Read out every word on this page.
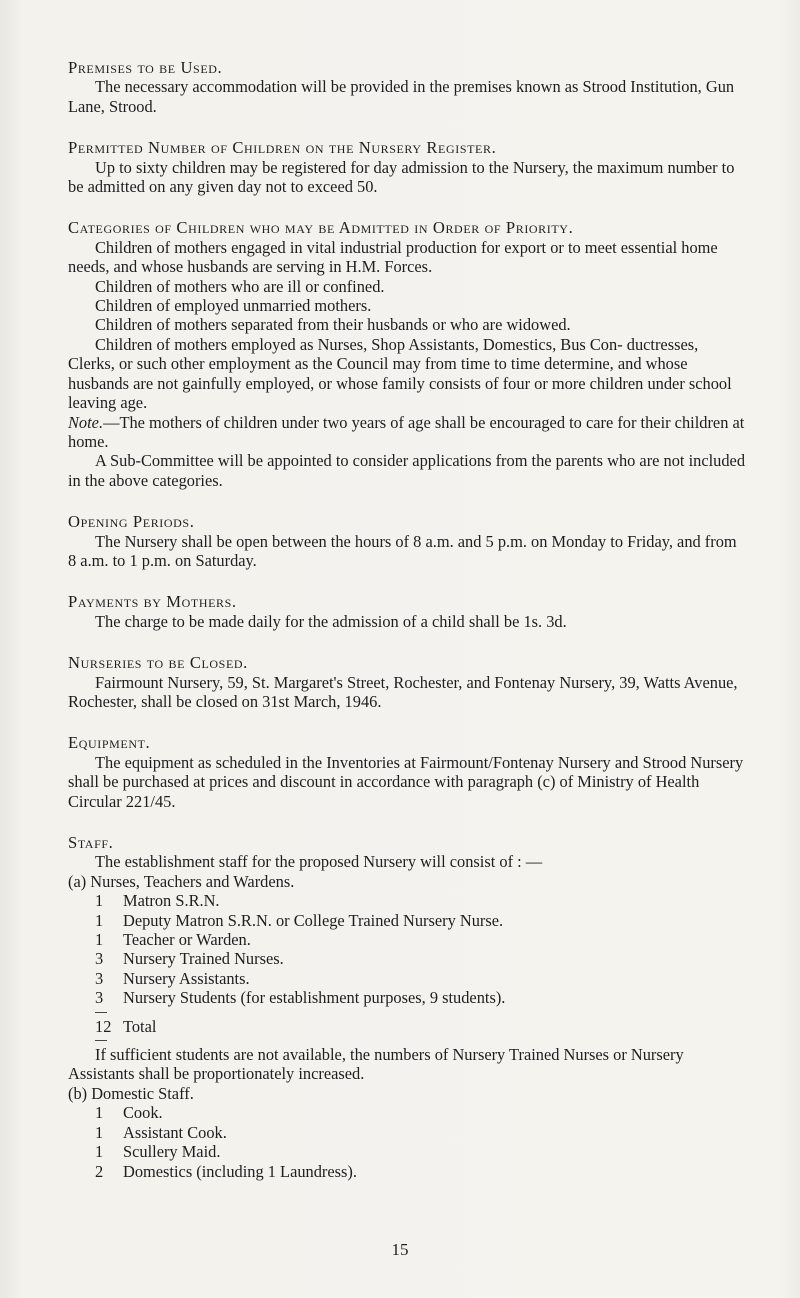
Premises to be Used.

The necessary accommodation will be provided in the premises known as Strood Institution, Gun Lane, Strood.

Permitted Number of Children on the Nursery Register.

Up to sixty children may be registered for day admission to the Nursery, the maximum number to be admitted on any given day not to exceed 50.

Categories of Children who may be Admitted in Order of Priority.

Children of mothers engaged in vital industrial production for export or to meet essential home needs, and whose husbands are serving in H.M. Forces.

Children of mothers who are ill or confined.

Children of employed unmarried mothers.

Children of mothers separated from their husbands or who are widowed.

Children of mothers employed as Nurses, Shop Assistants, Domestics, Bus Con- ductresses, Clerks, or such other employment as the Council may from time to time determine, and whose husbands are not gainfully employed, or whose family consists of four or more children under school leaving age.

Note.—The mothers of children under two years of age shall be encouraged to care for their children at home.

A Sub-Committee will be appointed to consider applications from the parents who are not included in the above categories.

Opening Periods.

The Nursery shall be open between the hours of 8 a.m. and 5 p.m. on Monday to Friday, and from 8 a.m. to 1 p.m. on Saturday.

Payments by Mothers.

The charge to be made daily for the admission of a child shall be 1s. 3d.

Nurseries to be Closed.

Fairmount Nursery, 59, St. Margaret's Street, Rochester, and Fontenay Nursery, 39, Watts Avenue, Rochester, shall be closed on 31st March, 1946.

Equipment.

The equipment as scheduled in the Inventories at Fairmount/Fontenay Nursery and Strood Nursery shall be purchased at prices and discount in accordance with paragraph (c) of Ministry of Health Circular 221/45.

Staff.

The establishment staff for the proposed Nursery will consist of : —

(a) Nurses, Teachers and Wardens.

1	Matron S.R.N.
1	Deputy Matron S.R.N. or College Trained Nursery Nurse.
1	Teacher or Warden.
3	Nursery Trained Nurses.
3	Nursery Assistants.
3	Nursery Students (for establishment purposes, 9 students).
12 Total

If sufficient students are not available, the numbers of Nursery Trained Nurses or Nursery Assistants shall be proportionately increased.

(b) Domestic Staff.

1	Cook.
1	Assistant Cook.
1	Scullery Maid.
2	Domestics (including 1 Laundress).
15
